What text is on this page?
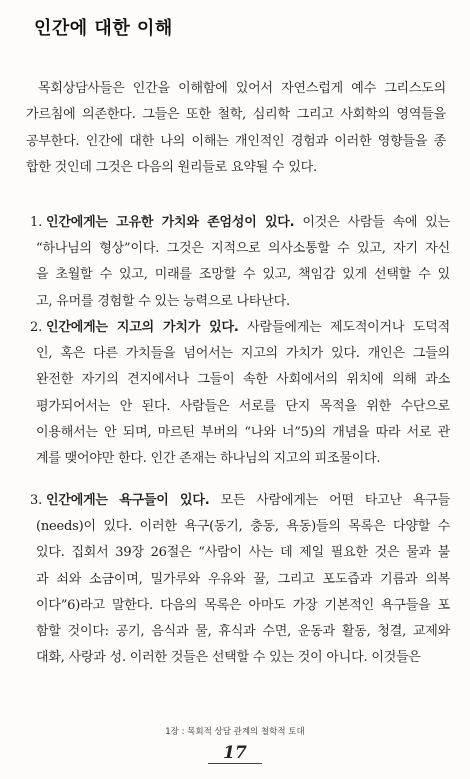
인간에 대한 이해
목회상담사들은 인간을 이해함에 있어서 자연스럽게 예수 그리스도의
가르침에 의존한다. 그들은 또한 철학, 심리학 그리고 사회학의 영역들을
공부한다. 인간에 대한 나의 이해는 개인적인 경험과 이러한 영향들을 종
합한 것인데 그것은 다음의 원리들로 요약될 수 있다.
1. 인간에게는 고유한 가치와 존엄성이 있다. 이것은 사람들 속에 있는
“하나님의 형상”이다. 그것은 지적으로 의사소통할 수 있고, 자기 자신
을 초월할 수 있고, 미래를 조망할 수 있고, 책임감 있게 선택할 수 있
고, 유머를 경험할 수 있는 능력으로 나타난다.
2. 인간에게는 지고의 가치가 있다. 사람들에게는 제도적이거나 도덕적
인, 혹은 다른 가치들을 넘어서는 지고의 가치가 있다. 개인은 그들의
완전한 자기의 견지에서나 그들이 속한 사회에서의 위치에 의해 과소
평가되어서는 안 된다. 사람들은 서로를 단지 목적을 위한 수단으로
이용해서는 안 되며, 마르틴 부버의 “나와 너”5)의 개념을 따라 서로 관
계를 맺어야만 한다. 인간 존재는 하나님의 지고의 피조물이다.
3. 인간에게는 욕구들이 있다. 모든 사람에게는 어떤 타고난 욕구들
(needs)이 있다. 이러한 욕구(동기, 충동, 욕동)들의 목록은 다양할 수
있다. 집회서 39장 26절은 “사람이 사는 데 제일 필요한 것은 물과 불
과 쇠와 소금이며, 밀가루와 우유와 꿀, 그리고 포도즙과 기름과 의복
이다”6)라고 말한다. 다음의 목록은 아마도 가장 기본적인 욕구들을 포
함할 것이다: 공기, 음식과 물, 휴식과 수면, 운동과 활동, 청결, 교제와
대화, 사랑과 성. 이러한 것들은 선택할 수 있는 것이 아니다. 이것들은
1장 : 목회적 상담 관계의 철학적 토대
17
